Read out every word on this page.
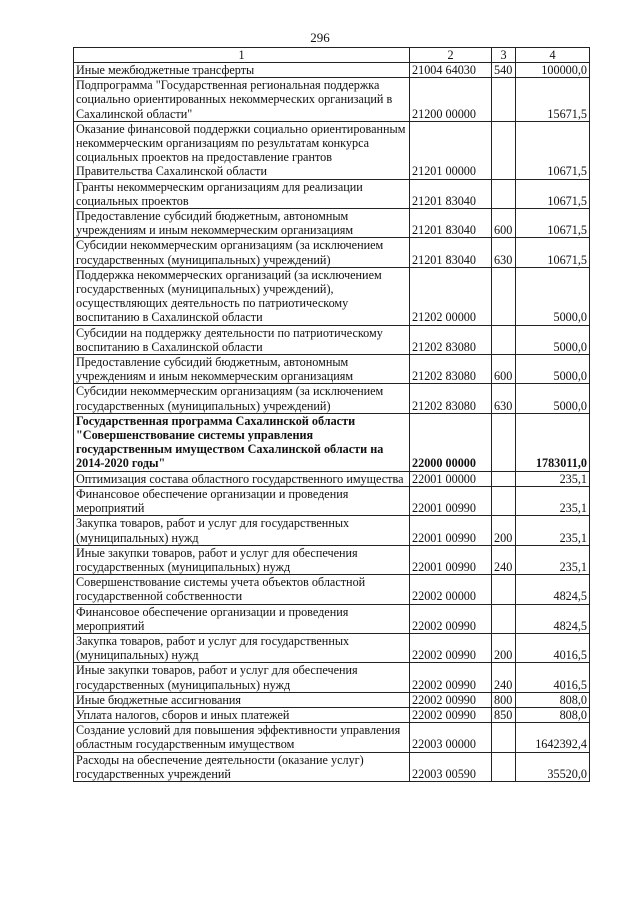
296
1	2	3	4
Иные межбюджетные трансферты	21004 64030	540	100000,0
Подпрограмма "Государственная региональная поддержка социально ориентированных некоммерческих организаций в Сахалинской области"	21200 00000		15671,5
Оказание финансовой поддержки социально ориентированным некоммерческим организациям по результатам конкурса социальных проектов на предоставление грантов Правительства Сахалинской области	21201 00000		10671,5
Гранты некоммерческим организациям для реализации социальных проектов	21201 83040		10671,5
Предоставление субсидий бюджетным, автономным учреждениям и иным некоммерческим организациям	21201 83040	600	10671,5
Субсидии некоммерческим организациям (за исключением государственных (муниципальных) учреждений)	21201 83040	630	10671,5
Поддержка некоммерческих организаций (за исключением государственных (муниципальных) учреждений), осуществляющих деятельность по патриотическому воспитанию в Сахалинской области	21202 00000		5000,0
Субсидии на поддержку деятельности по патриотическому воспитанию в Сахалинской области	21202 83080		5000,0
Предоставление субсидий бюджетным, автономным учреждениям и иным некоммерческим организациям	21202 83080	600	5000,0
Субсидии некоммерческим организациям (за исключением государственных (муниципальных) учреждений)	21202 83080	630	5000,0
Государственная программа Сахалинской области "Совершенствование системы управления государственным имуществом Сахалинской области на 2014-2020 годы"	22000 00000		1783011,0
Оптимизация состава областного государственного имущества	22001 00000		235,1
Финансовое обеспечение организации и проведения мероприятий	22001 00990		235,1
Закупка товаров, работ и услуг для государственных (муниципальных) нужд	22001 00990	200	235,1
Иные закупки товаров, работ и услуг для обеспечения государственных (муниципальных) нужд	22001 00990	240	235,1
Совершенствование системы учета объектов областной государственной собственности	22002 00000		4824,5
Финансовое обеспечение организации и проведения мероприятий	22002 00990		4824,5
Закупка товаров, работ и услуг для государственных (муниципальных) нужд	22002 00990	200	4016,5
Иные закупки товаров, работ и услуг для обеспечения государственных (муниципальных) нужд	22002 00990	240	4016,5
Иные бюджетные ассигнования	22002 00990	800	808,0
Уплата налогов, сборов и иных платежей	22002 00990	850	808,0
Создание условий для повышения эффективности управления областным государственным имуществом	22003 00000		1642392,4
Расходы на обеспечение деятельности (оказание услуг) государственных учреждений	22003 00590		35520,0
